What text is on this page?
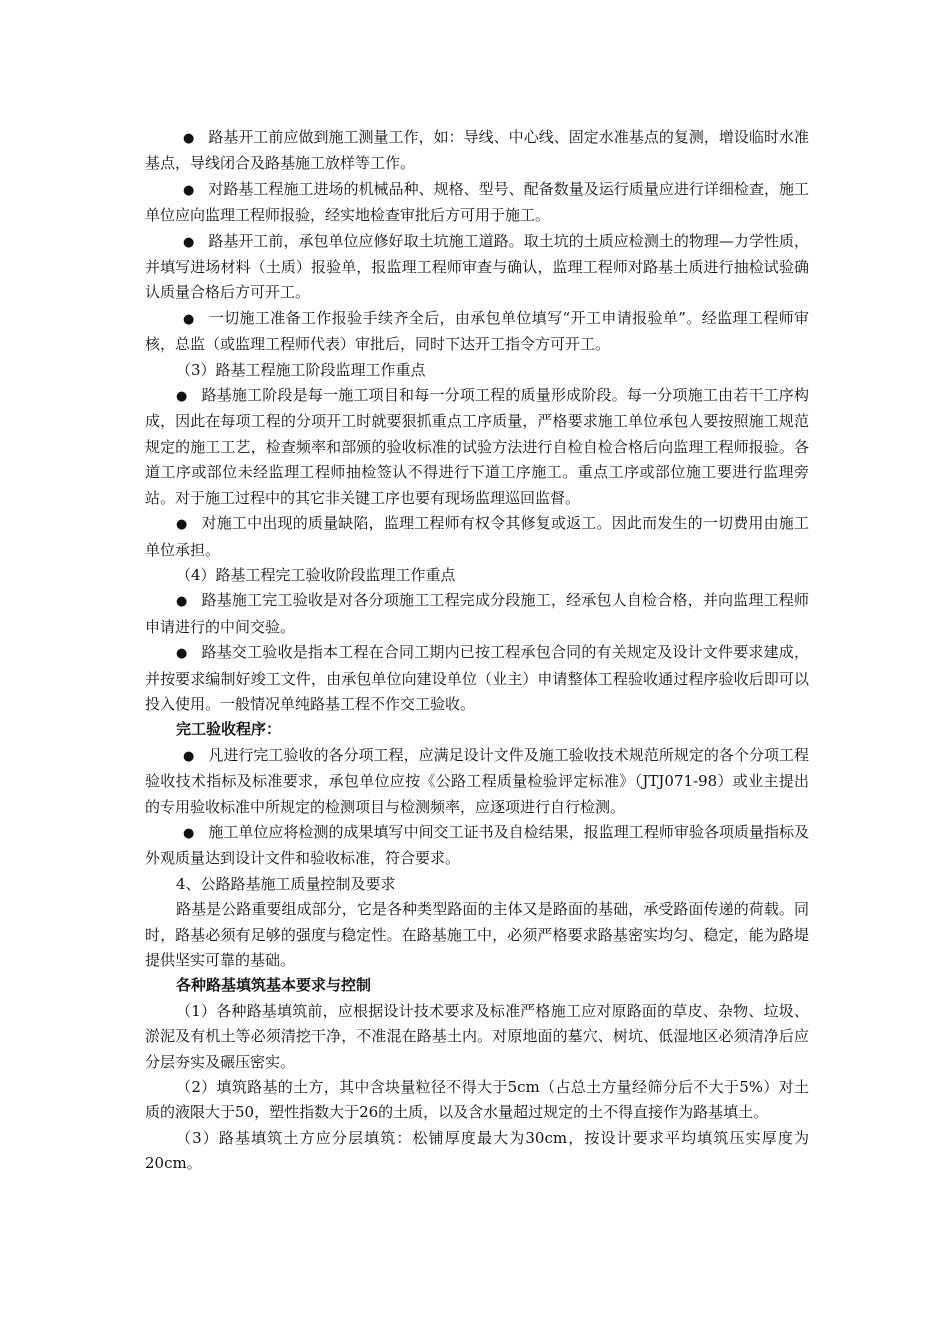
● 路基开工前应做到施工测量工作，如：导线、中心线、固定水准基点的复测，增设临时水准基点，导线闭合及路基施工放样等工作。

● 对路基工程施工进场的机械品种、规格、型号、配备数量及运行质量应进行详细检查，施工单位应向监理工程师报验，经实地检查审批后方可用于施工。

● 路基开工前，承包单位应修好取土坑施工道路。取土坑的土质应检测土的物理—力学性质，并填写进场材料（土质）报验单，报监理工程师审查与确认，监理工程师对路基土质进行抽检试验确认质量合格后方可开工。

● 一切施工准备工作报验手续齐全后，由承包单位填写“开工申请报验单”。经监理工程师审核，总监（或监理工程师代表）审批后，同时下达开工指令方可开工。

（3）路基工程施工阶段监理工作重点

● 路基施工阶段是每一施工项目和每一分项工程的质量形成阶段。每一分项施工由若干工序构成，因此在每项工程的分项开工时就要狠抓重点工序质量，严格要求施工单位承包人要按照施工规范规定的施工工艺，检查频率和部颁的验收标准的试验方法进行自检自检合格后向监理工程师报验。各道工序或部位未经监理工程师抽检签认不得进行下道工序施工。重点工序或部位施工要进行监理旁站。对于施工过程中的其它非关键工序也要有现场监理巡回监督。

● 对施工中出现的质量缺陷，监理工程师有权令其修复或返工。因此而发生的一切费用由施工单位承担。

（4）路基工程完工验收阶段监理工作重点

● 路基施工完工验收是对各分项施工工程完成分段施工，经承包人自检合格，并向监理工程师申请进行的中间交验。

● 路基交工验收是指本工程在合同工期内已按工程承包合同的有关规定及设计文件要求建成，并按要求编制好竣工文件，由承包单位向建设单位（业主）申请整体工程验收通过程序验收后即可以投入使用。一般情况单纯路基工程不作交工验收。

完工验收程序：

● 凡进行完工验收的各分项工程，应满足设计文件及施工验收技术规范所规定的各个分项工程验收技术指标及标准要求，承包单位应按《公路工程质量检验评定标准》（JTJ071-98）或业主提出的专用验收标准中所规定的检测项目与检测频率，应逐项进行自行检测。

● 施工单位应将检测的成果填写中间交工证书及自检结果，报监理工程师审验各项质量指标及外观质量达到设计文件和验收标准，符合要求。

4、公路路基施工质量控制及要求

路基是公路重要组成部分，它是各种类型路面的主体又是路面的基础，承受路面传递的荷载。同时，路基必须有足够的强度与稳定性。在路基施工中，必须严格要求路基密实均匀、稳定，能为路堤提供坚实可靠的基础。

各种路基填筑基本要求与控制

（1）各种路基填筑前，应根据设计技术要求及标准严格施工应对原路面的草皮、杂物、垃圾、淤泥及有机土等必须清挖干净，不准混在路基土内。对原地面的墓穴、树坑、低湿地区必须清净后应分层夯实及碾压密实。

（2）填筑路基的土方，其中含块量粒径不得大于5cm（占总土方量经筛分后不大于5%）对土质的液限大于50，塑性指数大于26的土质，以及含水量超过规定的土不得直接作为路基填土。

（3）路基填筑土方应分层填筑：松铺厚度最大为30cm，按设计要求平均填筑压实厚度为20cm。
